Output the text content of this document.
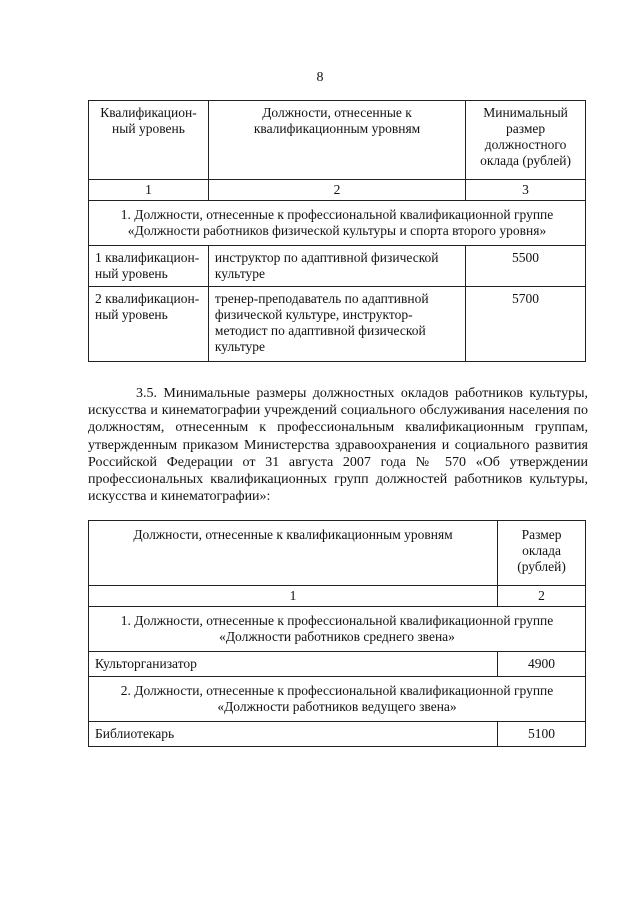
8
Квалификацион-ный уровень	Должности, отнесенные к квалификационным уровням	Минимальный размер должностного оклада (рублей)
1	2	3
1. Должности, отнесенные к профессиональной квалификационной группе «Должности работников физической культуры и спорта второго уровня»		
1 квалификацион-ный уровень	инструктор по адаптивной физической культуре	5500
2 квалификацион-ный уровень	тренер-преподаватель по адаптивной физической культуре, инструктор-методист по адаптивной физической культуре	5700

3.5. Минимальные размеры должностных окладов работников культуры, искусства и кинематографии учреждений социального обслуживания населения по должностям, отнесенным к профессиональным квалификационным группам, утвержденным приказом Министерства здравоохранения и социального развития Российской Федерации от 31 августа 2007 года № 570 «Об утверждении профессиональных квалификационных групп должностей работников культуры, искусства и кинематографии»:

Должности, отнесенные к квалификационным уровням	Размер оклада (рублей)
1	2
1. Должности, отнесенные к профессиональной квалификационной группе «Должности работников среднего звена»	
Культорганизатор	4900
2. Должности, отнесенные к профессиональной квалификационной группе «Должности работников ведущего звена»	
Библиотекарь	5100
